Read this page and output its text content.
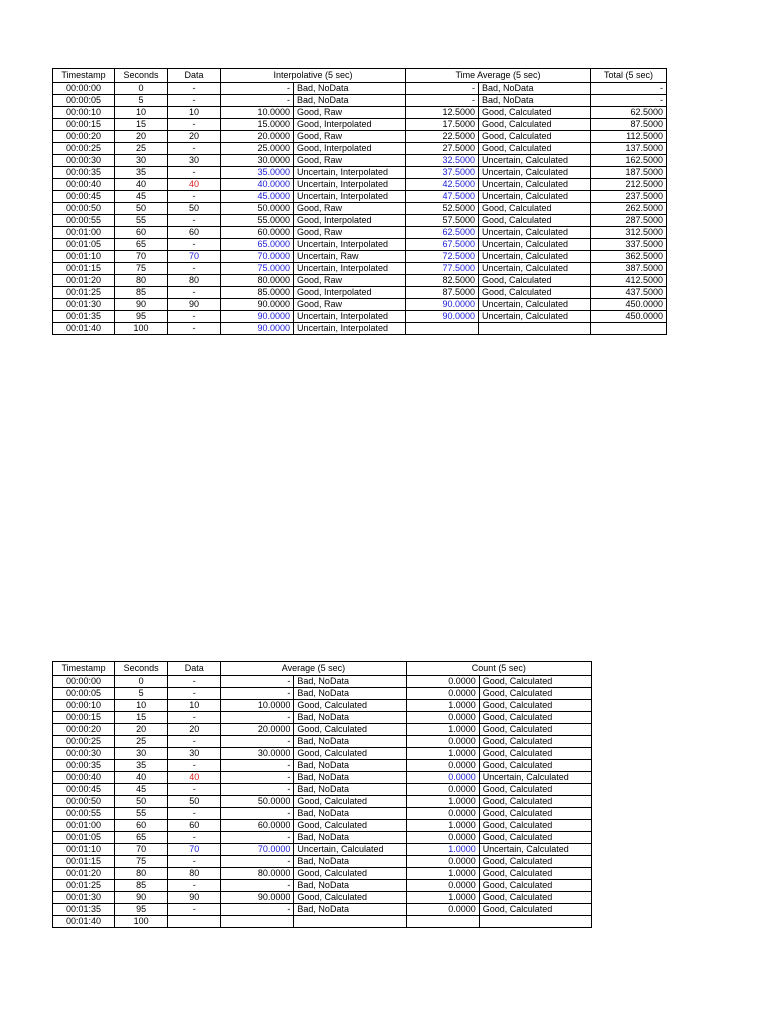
Timestamp	Seconds	Data	Interpolative (5 sec)		Time Average (5 sec)		Total (5 sec)
00:00:00	0	-	-	Bad, NoData	-	Bad, NoData	-
00:00:05	5	-	-	Bad, NoData	-	Bad, NoData	-
00:00:10	10	10	10.0000	Good, Raw	12.5000	Good, Calculated	62.5000
00:00:15	15	-	15.0000	Good, Interpolated	17.5000	Good, Calculated	87.5000
00:00:20	20	20	20.0000	Good, Raw	22.5000	Good, Calculated	112.5000
00:00:25	25	-	25.0000	Good, Interpolated	27.5000	Good, Calculated	137.5000
00:00:30	30	30	30.0000	Good, Raw	32.5000	Uncertain, Calculated	162.5000
00:00:35	35	-	35.0000	Uncertain, Interpolated	37.5000	Uncertain, Calculated	187.5000
00:00:40	40	40	40.0000	Uncertain, Interpolated	42.5000	Uncertain, Calculated	212.5000
00:00:45	45	-	45.0000	Uncertain, Interpolated	47.5000	Uncertain, Calculated	237.5000
00:00:50	50	50	50.0000	Good, Raw	52.5000	Good, Calculated	262.5000
00:00:55	55	-	55.0000	Good, Interpolated	57.5000	Good, Calculated	287.5000
00:01:00	60	60	60.0000	Good, Raw	62.5000	Uncertain, Calculated	312.5000
00:01:05	65	-	65.0000	Uncertain, Interpolated	67.5000	Uncertain, Calculated	337.5000
00:01:10	70	70	70.0000	Uncertain, Raw	72.5000	Uncertain, Calculated	362.5000
00:01:15	75	-	75.0000	Uncertain, Interpolated	77.5000	Uncertain, Calculated	387.5000
00:01:20	80	80	80.0000	Good, Raw	82.5000	Good, Calculated	412.5000
00:01:25	85	-	85.0000	Good, Interpolated	87.5000	Good, Calculated	437.5000
00:01:30	90	90	90.0000	Good, Raw	90.0000	Uncertain, Calculated	450.0000
00:01:35	95	-	90.0000	Uncertain, Interpolated	90.0000	Uncertain, Calculated	450.0000
00:01:40	100	-	90.0000	Uncertain, Interpolated			
Timestamp	Seconds	Data	Average (5 sec)		Count (5 sec)	
00:00:00	0	-	-	Bad, NoData	0.0000	Good, Calculated
00:00:05	5	-	-	Bad, NoData	0.0000	Good, Calculated
00:00:10	10	10	10.0000	Good, Calculated	1.0000	Good, Calculated
00:00:15	15	-	-	Bad, NoData	0.0000	Good, Calculated
00:00:20	20	20	20.0000	Good, Calculated	1.0000	Good, Calculated
00:00:25	25	-	-	Bad, NoData	0.0000	Good, Calculated
00:00:30	30	30	30.0000	Good, Calculated	1.0000	Good, Calculated
00:00:35	35	-	-	Bad, NoData	0.0000	Good, Calculated
00:00:40	40	40	-	Bad, NoData	0.0000	Uncertain, Calculated
00:00:45	45	-	-	Bad, NoData	0.0000	Good, Calculated
00:00:50	50	50	50.0000	Good, Calculated	1.0000	Good, Calculated
00:00:55	55	-	-	Bad, NoData	0.0000	Good, Calculated
00:01:00	60	60	60.0000	Good, Calculated	1.0000	Good, Calculated
00:01:05	65	-	-	Bad, NoData	0.0000	Good, Calculated
00:01:10	70	70	70.0000	Uncertain, Calculated	1.0000	Uncertain, Calculated
00:01:15	75	-	-	Bad, NoData	0.0000	Good, Calculated
00:01:20	80	80	80.0000	Good, Calculated	1.0000	Good, Calculated
00:01:25	85	-	-	Bad, NoData	0.0000	Good, Calculated
00:01:30	90	90	90.0000	Good, Calculated	1.0000	Good, Calculated
00:01:35	95	-	-	Bad, NoData	0.0000	Good, Calculated
00:01:40	100					
